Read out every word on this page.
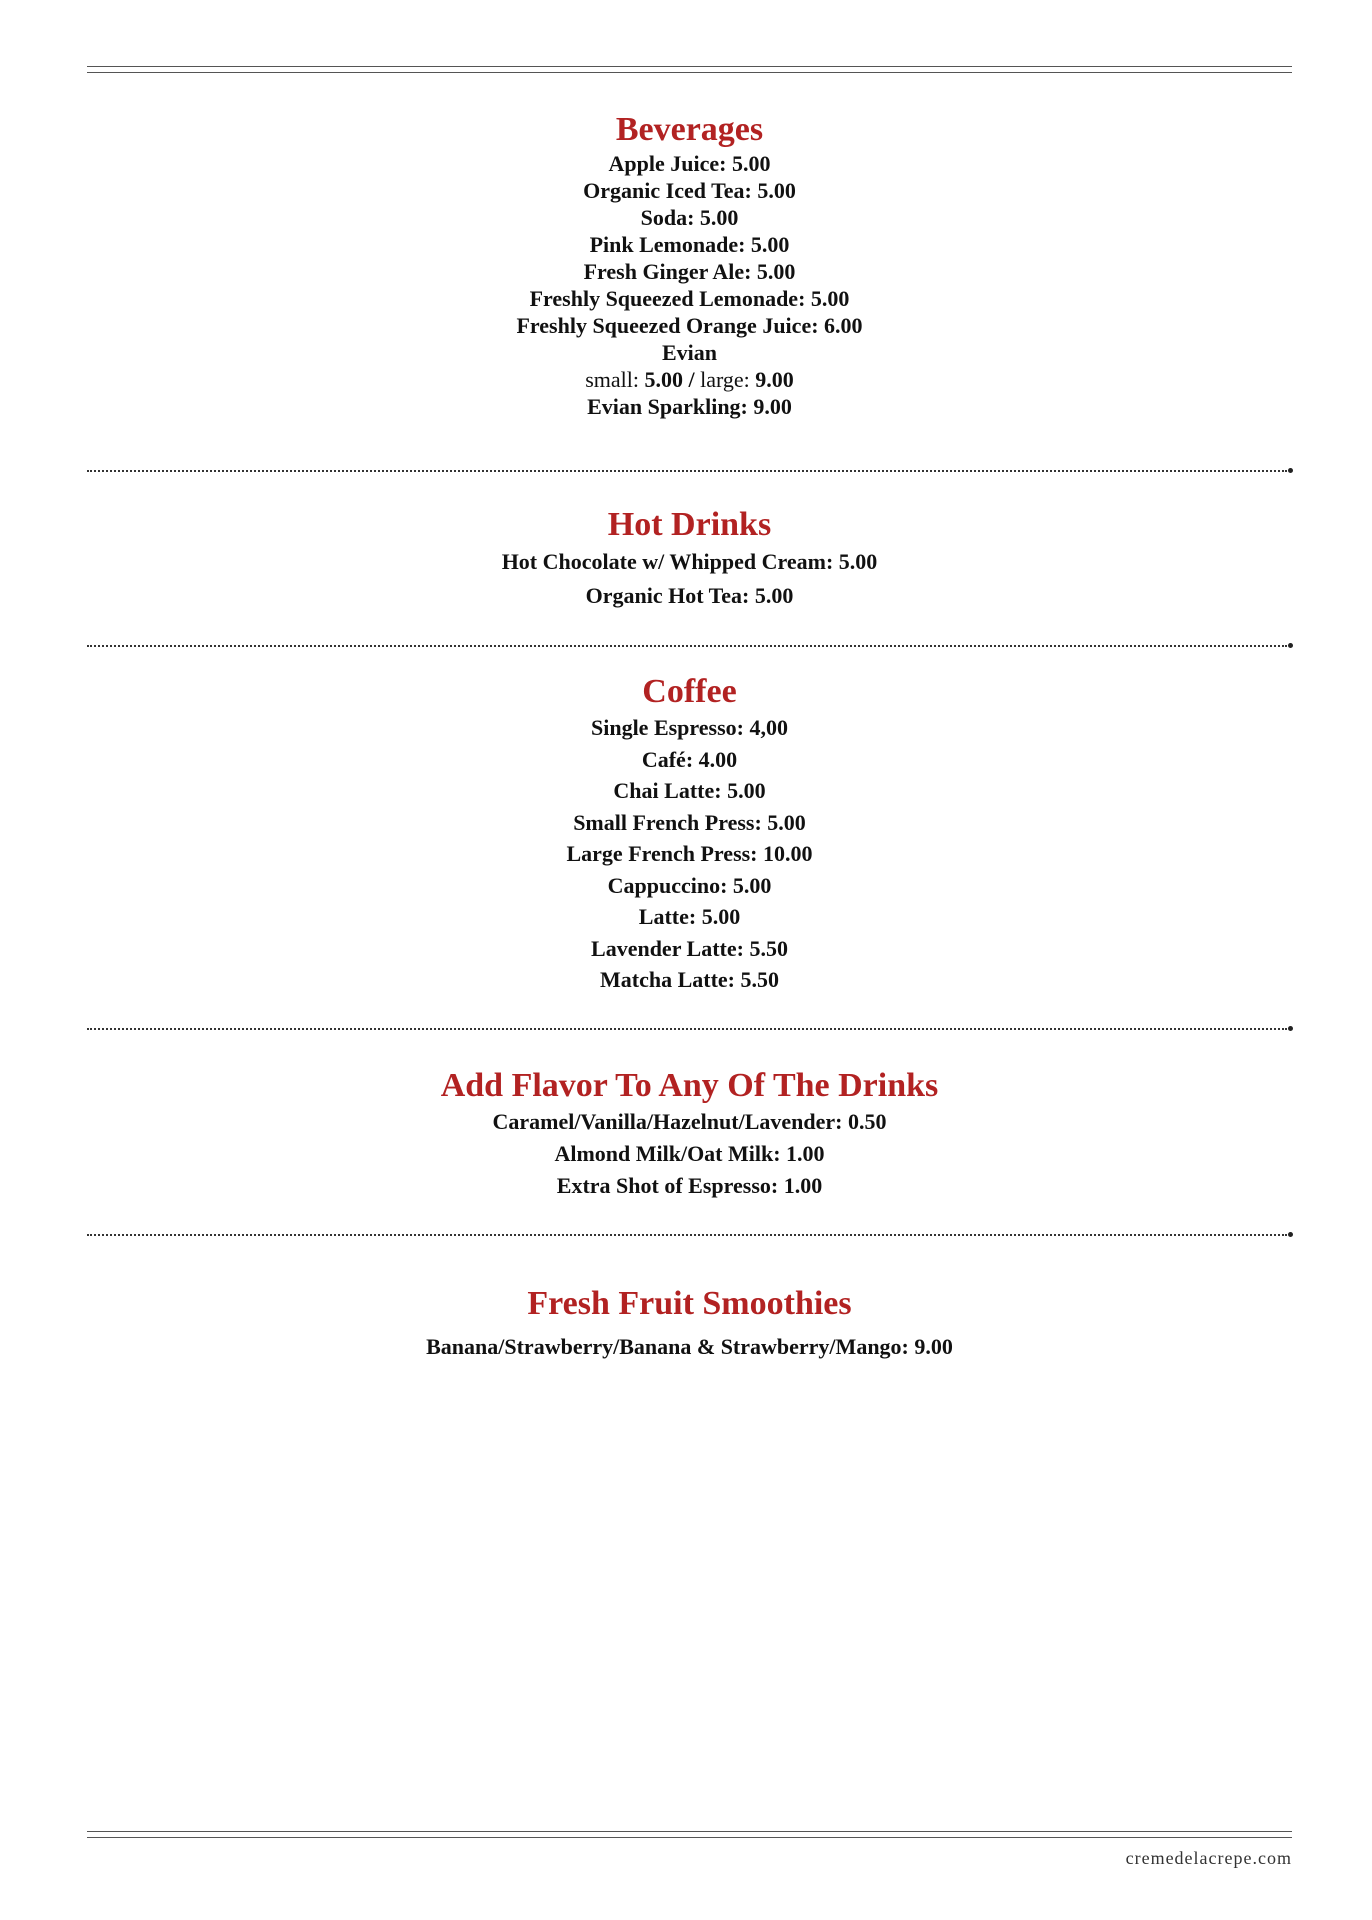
Beverages

Apple Juice: 5.00

Organic Iced Tea: 5.00

Soda: 5.00

Pink Lemonade: 5.00

Fresh Ginger Ale: 5.00

Freshly Squeezed Lemonade: 5.00

Freshly Squeezed Orange Juice: 6.00

Evian

small: 5.00 / large: 9.00

Evian Sparkling: 9.00

Hot Drinks

Hot Chocolate w/ Whipped Cream: 5.00

Organic Hot Tea: 5.00

Coffee

Single Espresso: 4,00

Café: 4.00

Chai Latte: 5.00

Small French Press: 5.00

Large French Press: 10.00

Cappuccino: 5.00

Latte: 5.00

Lavender Latte: 5.50

Matcha Latte: 5.50

Add Flavor To Any Of The Drinks

Caramel/Vanilla/Hazelnut/Lavender: 0.50

Almond Milk/Oat Milk: 1.00

Extra Shot of Espresso: 1.00

Fresh Fruit Smoothies

Banana/Strawberry/Banana & Strawberry/Mango: 9.00

cremedelacrepe.com
